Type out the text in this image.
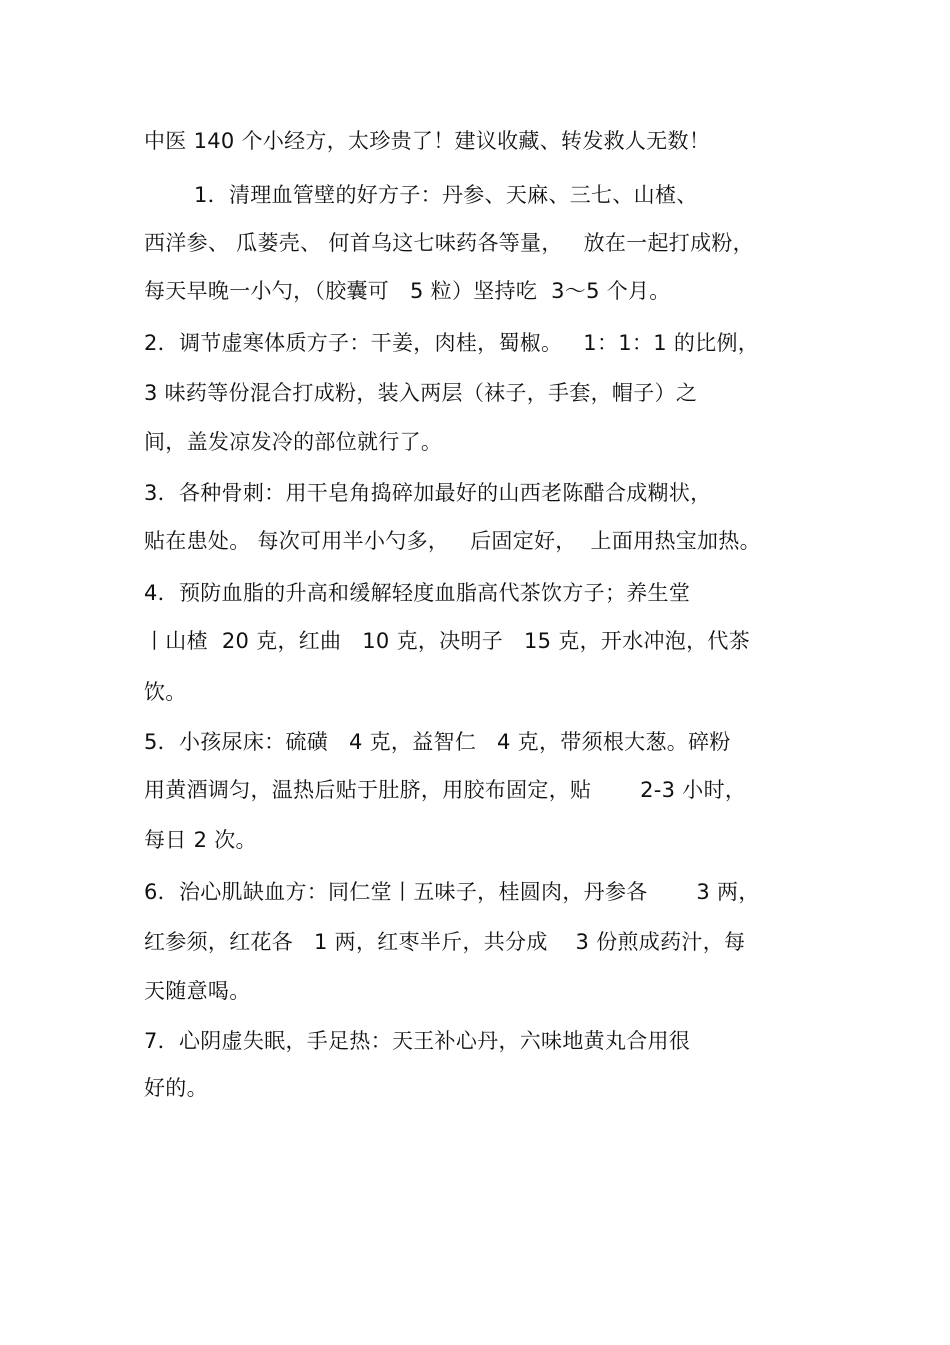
中医 140 个小经方，太珍贵了！建议收藏、转发救人无数！
1．清理血管壁的好方子：丹参、天麻、三七、山楂、
西洋参、 瓜蒌壳、 何首乌这七味药各等量，   放在一起打成粉，
每天早晚一小勺，（胶囊可   5 粒）坚持吃  3～5 个月。
2．调节虚寒体质方子：干姜，肉桂，蜀椒。   1：1：1 的比例，
3 味药等份混合打成粉，装入两层（袜子，手套，帽子）之
间，盖发凉发冷的部位就行了。
3．各种骨刺：用干皂角捣碎加最好的山西老陈醋合成糊状，
贴在患处。 每次可用半小勺多，   后固定好，  上面用热宝加热。
4．预防血脂的升高和缓解轻度血脂高代茶饮方子；养生堂
丨山楂  20 克，红曲   10 克，决明子   15 克，开水冲泡，代茶
饮。
5．小孩尿床：硫磺   4 克，益智仁   4 克，带须根大葱。碎粉
用黄酒调匀，温热后贴于肚脐，用胶布固定，贴       2-3 小时，
每日 2 次。
6．治心肌缺血方：同仁堂丨五味子，桂圆肉，丹参各       3 两，
红参须，红花各   1 两，红枣半斤，共分成    3 份煎成药汁，每
天随意喝。
7．心阴虚失眠，手足热：天王补心丹，六味地黄丸合用很
好的。
